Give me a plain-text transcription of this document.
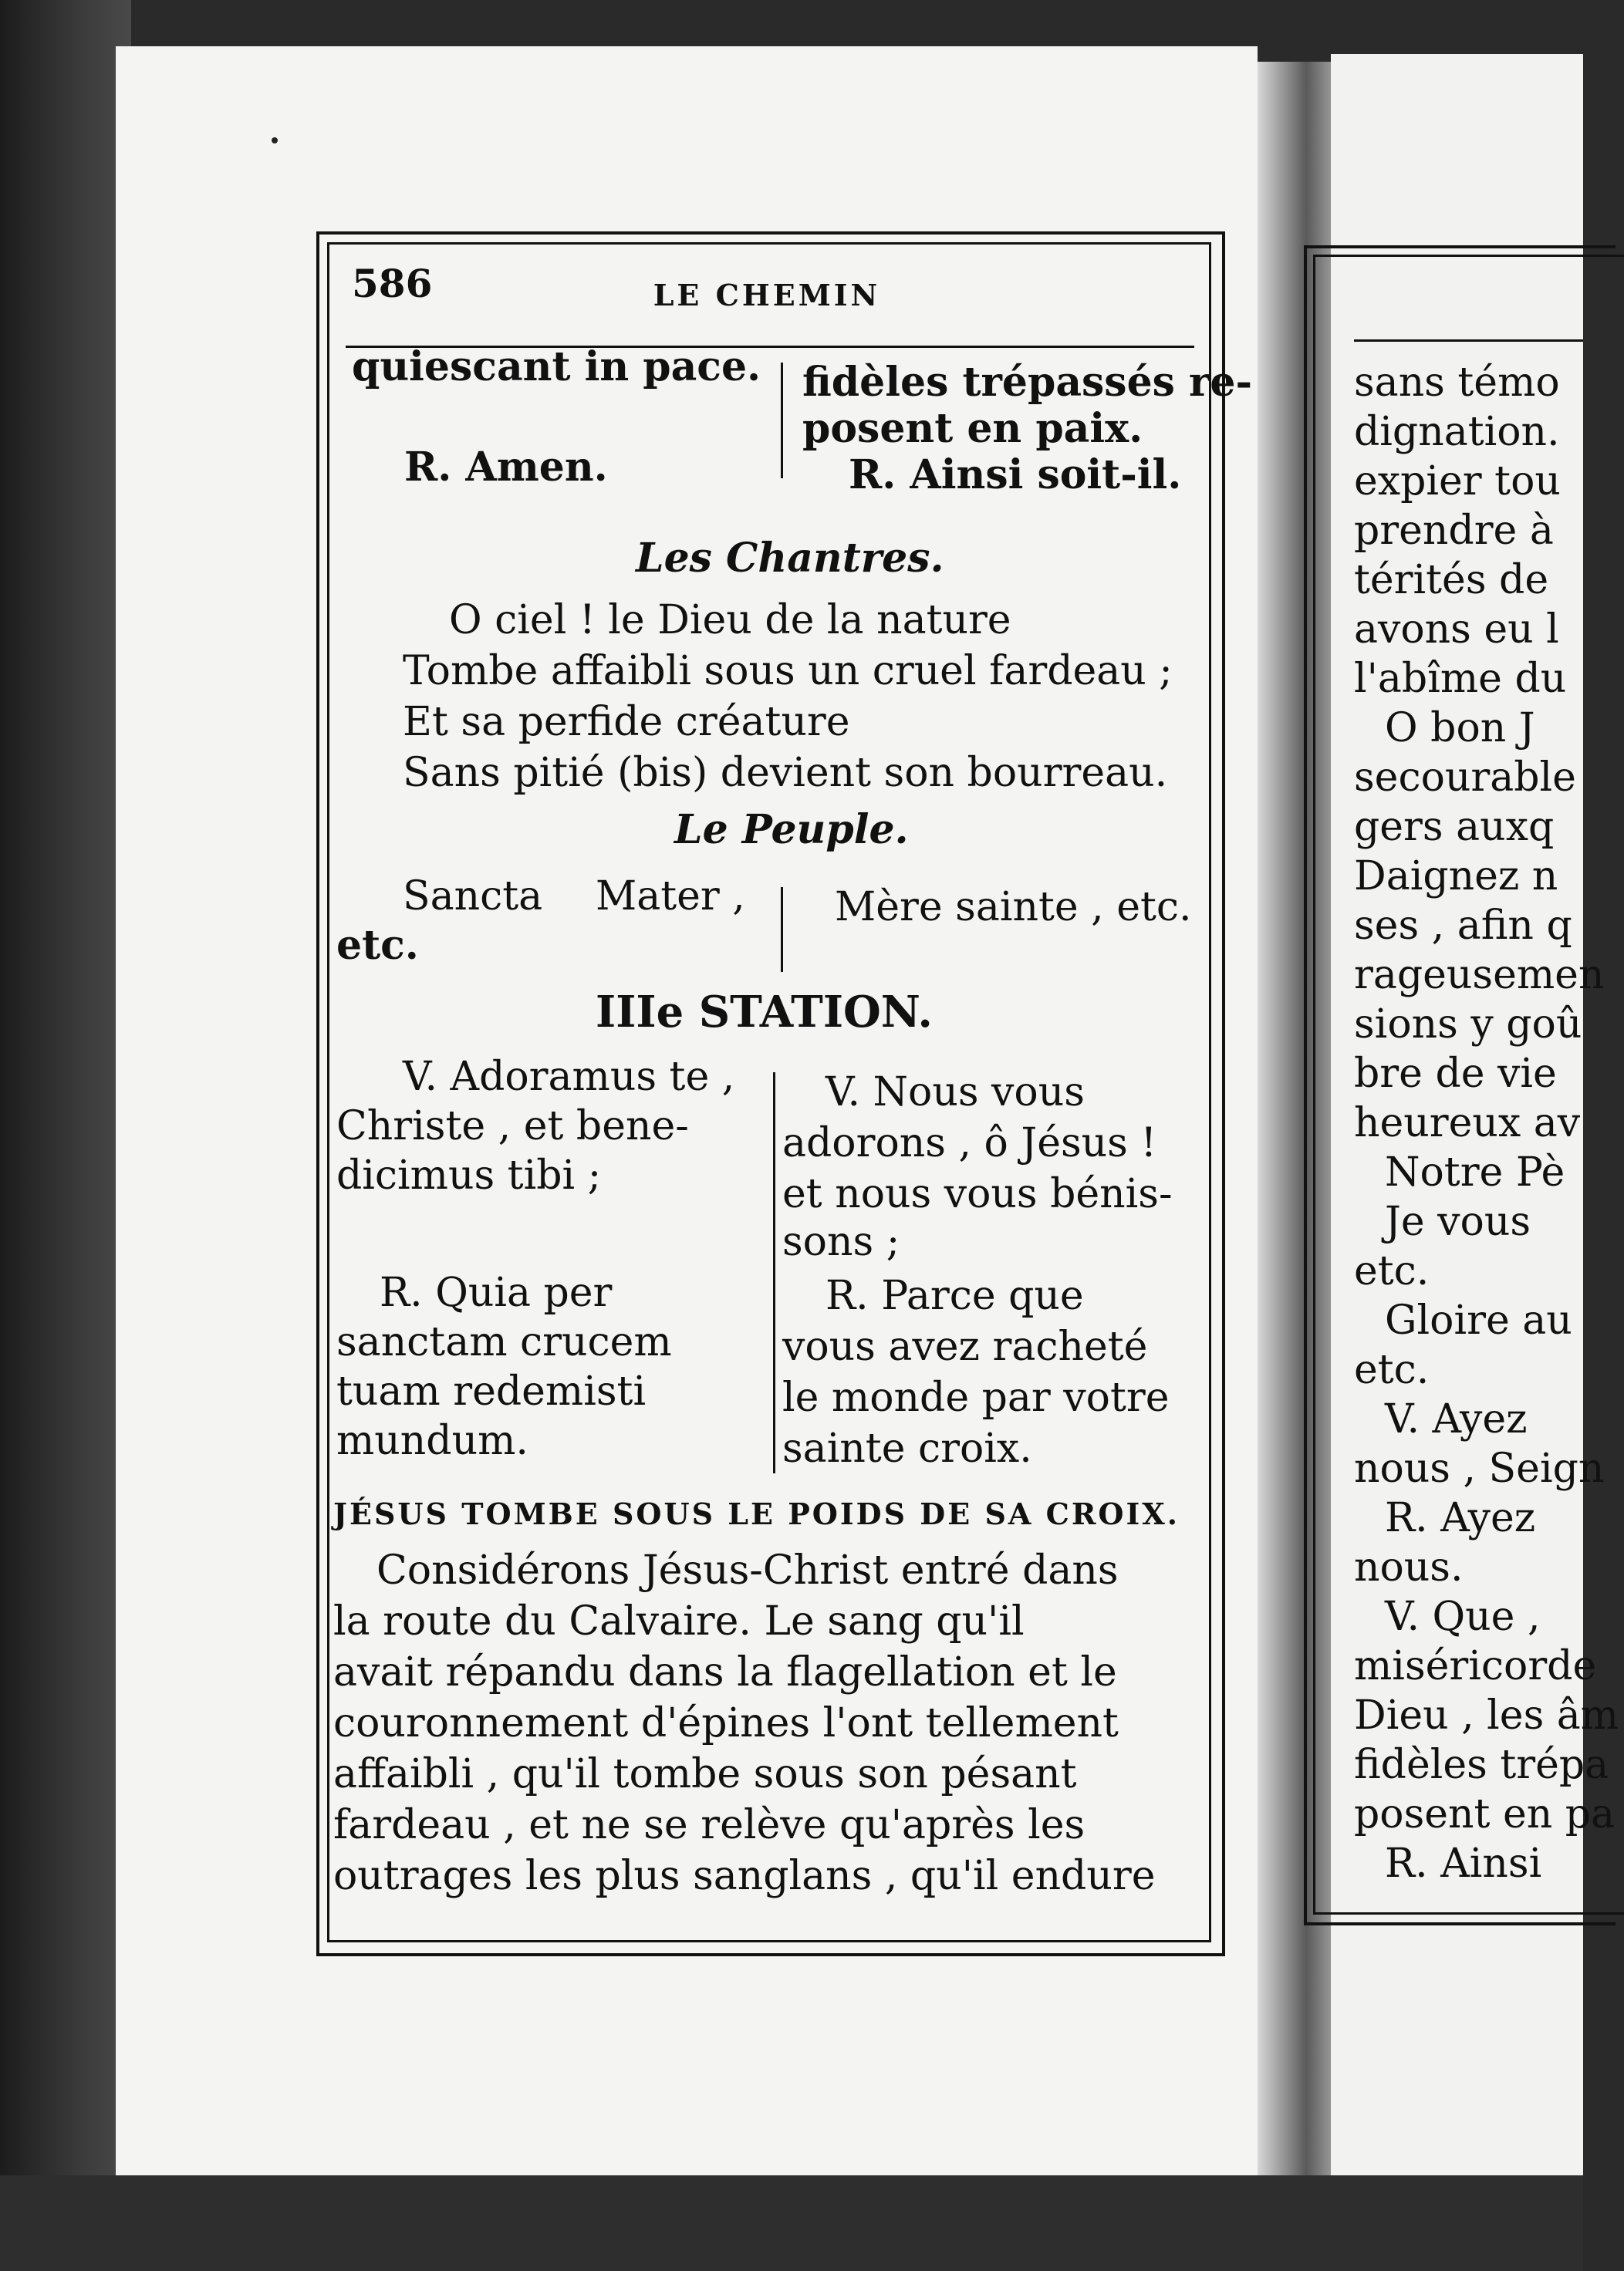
586	LE CHEMIN
quiescant in pace.
R. Amen.
fidèles trépassés re-
posent en paix.
R. Ainsi soit-il.
Les Chantres.
O ciel ! le Dieu de la nature
Tombe affaibli sous un cruel fardeau ;
Et sa perfide créature
Sans pitié (bis) devient son bourreau.
Le Peuple.
Sancta Mater ,
etc.
Mère sainte , etc.
IIIe STATION.
V. Adoramus te ,
Christe , et bene-
dicimus tibi ;
V. Nous vous
adorons , ô Jésus !
et nous vous bénis-
sons ;
R. Quia per
sanctam crucem
tuam redemisti
mundum.
R. Parce que
vous avez racheté
le monde par votre
sainte croix.
JÉSUS TOMBE SOUS LE POIDS DE SA CROIX.
Considérons Jésus-Christ entré dans
la route du Calvaire. Le sang qu'il
avait répandu dans la flagellation et le
couronnement d'épines l'ont tellement
affaibli , qu'il tombe sous son pésant
fardeau , et ne se relève qu'après les
outrages les plus sanglans , qu'il endure
sans témo
dignation.
expier tou
prendre à
térités de
avons eu l
l'abîme du
O bon J
secourable
gers auxq
Daignez n
ses , afin q
rageusemen
sions y goû
bre de vie
heureux av
Notre Pè
Je vous
etc.
Gloire au
etc.
V. Ayez
nous , Seign
R. Ayez
nous.
V. Que ,
miséricorde
Dieu , les âm
fidèles trépa
posent en pa
R. Ainsi
